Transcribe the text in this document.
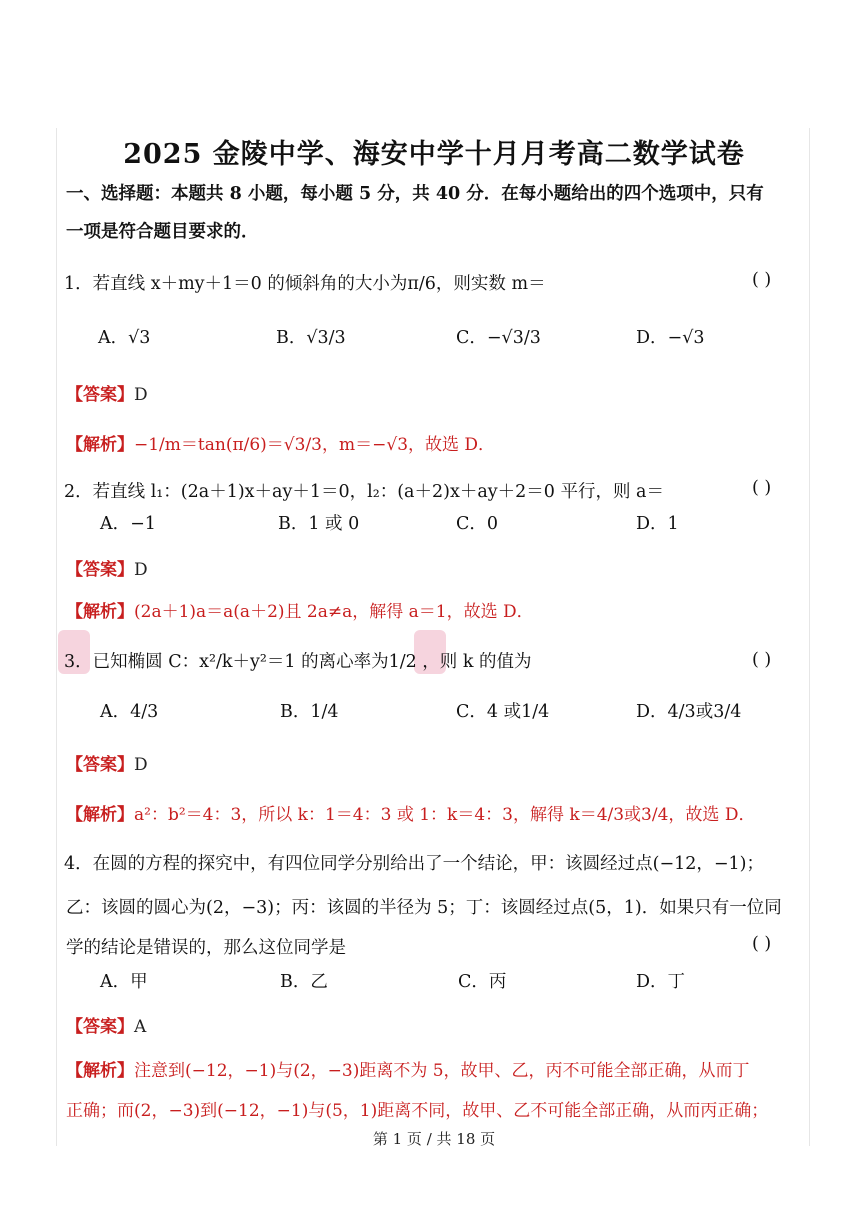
2025 金陵中学、海安中学十月月考高二数学试卷
一、选择题：本题共 8 小题，每小题 5 分，共 40 分．在每小题给出的四个选项中，只有
一项是符合题目要求的．
1．若直线 x＋my＋1＝0 的倾斜角的大小为π/6，则实数 m＝	( )
A．√3	B．√3/3	C．−√3/3	D．−√3
【答案】D
【解析】−1/m＝tan(π/6)＝√3/3，m＝−√3，故选 D．
2．若直线 l₁：(2a＋1)x＋ay＋1＝0，l₂：(a＋2)x＋ay＋2＝0 平行，则 a＝	( )
A．−1	B．1 或 0	C．0	D．1
【答案】D
【解析】(2a＋1)a＝a(a＋2)且 2a≠a，解得 a＝1，故选 D．
3．已知椭圆 C：x²/k＋y²＝1 的离心率为1/2 ，则 k 的值为	( )
A．4/3	B．1/4	C．4 或1/4	D．4/3或3/4
【答案】D
【解析】a²：b²＝4：3，所以 k：1＝4：3 或 1：k＝4：3，解得 k＝4/3或3/4，故选 D．
4．在圆的方程的探究中，有四位同学分别给出了一个结论，甲：该圆经过点(−12，−1)；
乙：该圆的圆心为(2，−3)；丙：该圆的半径为 5；丁：该圆经过点(5，1)．如果只有一位同
学的结论是错误的，那么这位同学是	( )
A．甲	B．乙	C．丙	D．丁
【答案】A
【解析】注意到(−12，−1)与(2，−3)距离不为 5，故甲、乙，丙不可能全部正确，从而丁
正确；而(2，−3)到(−12，−1)与(5，1)距离不同，故甲、乙不可能全部正确，从而丙正确；
第 1 页 / 共 18 页
